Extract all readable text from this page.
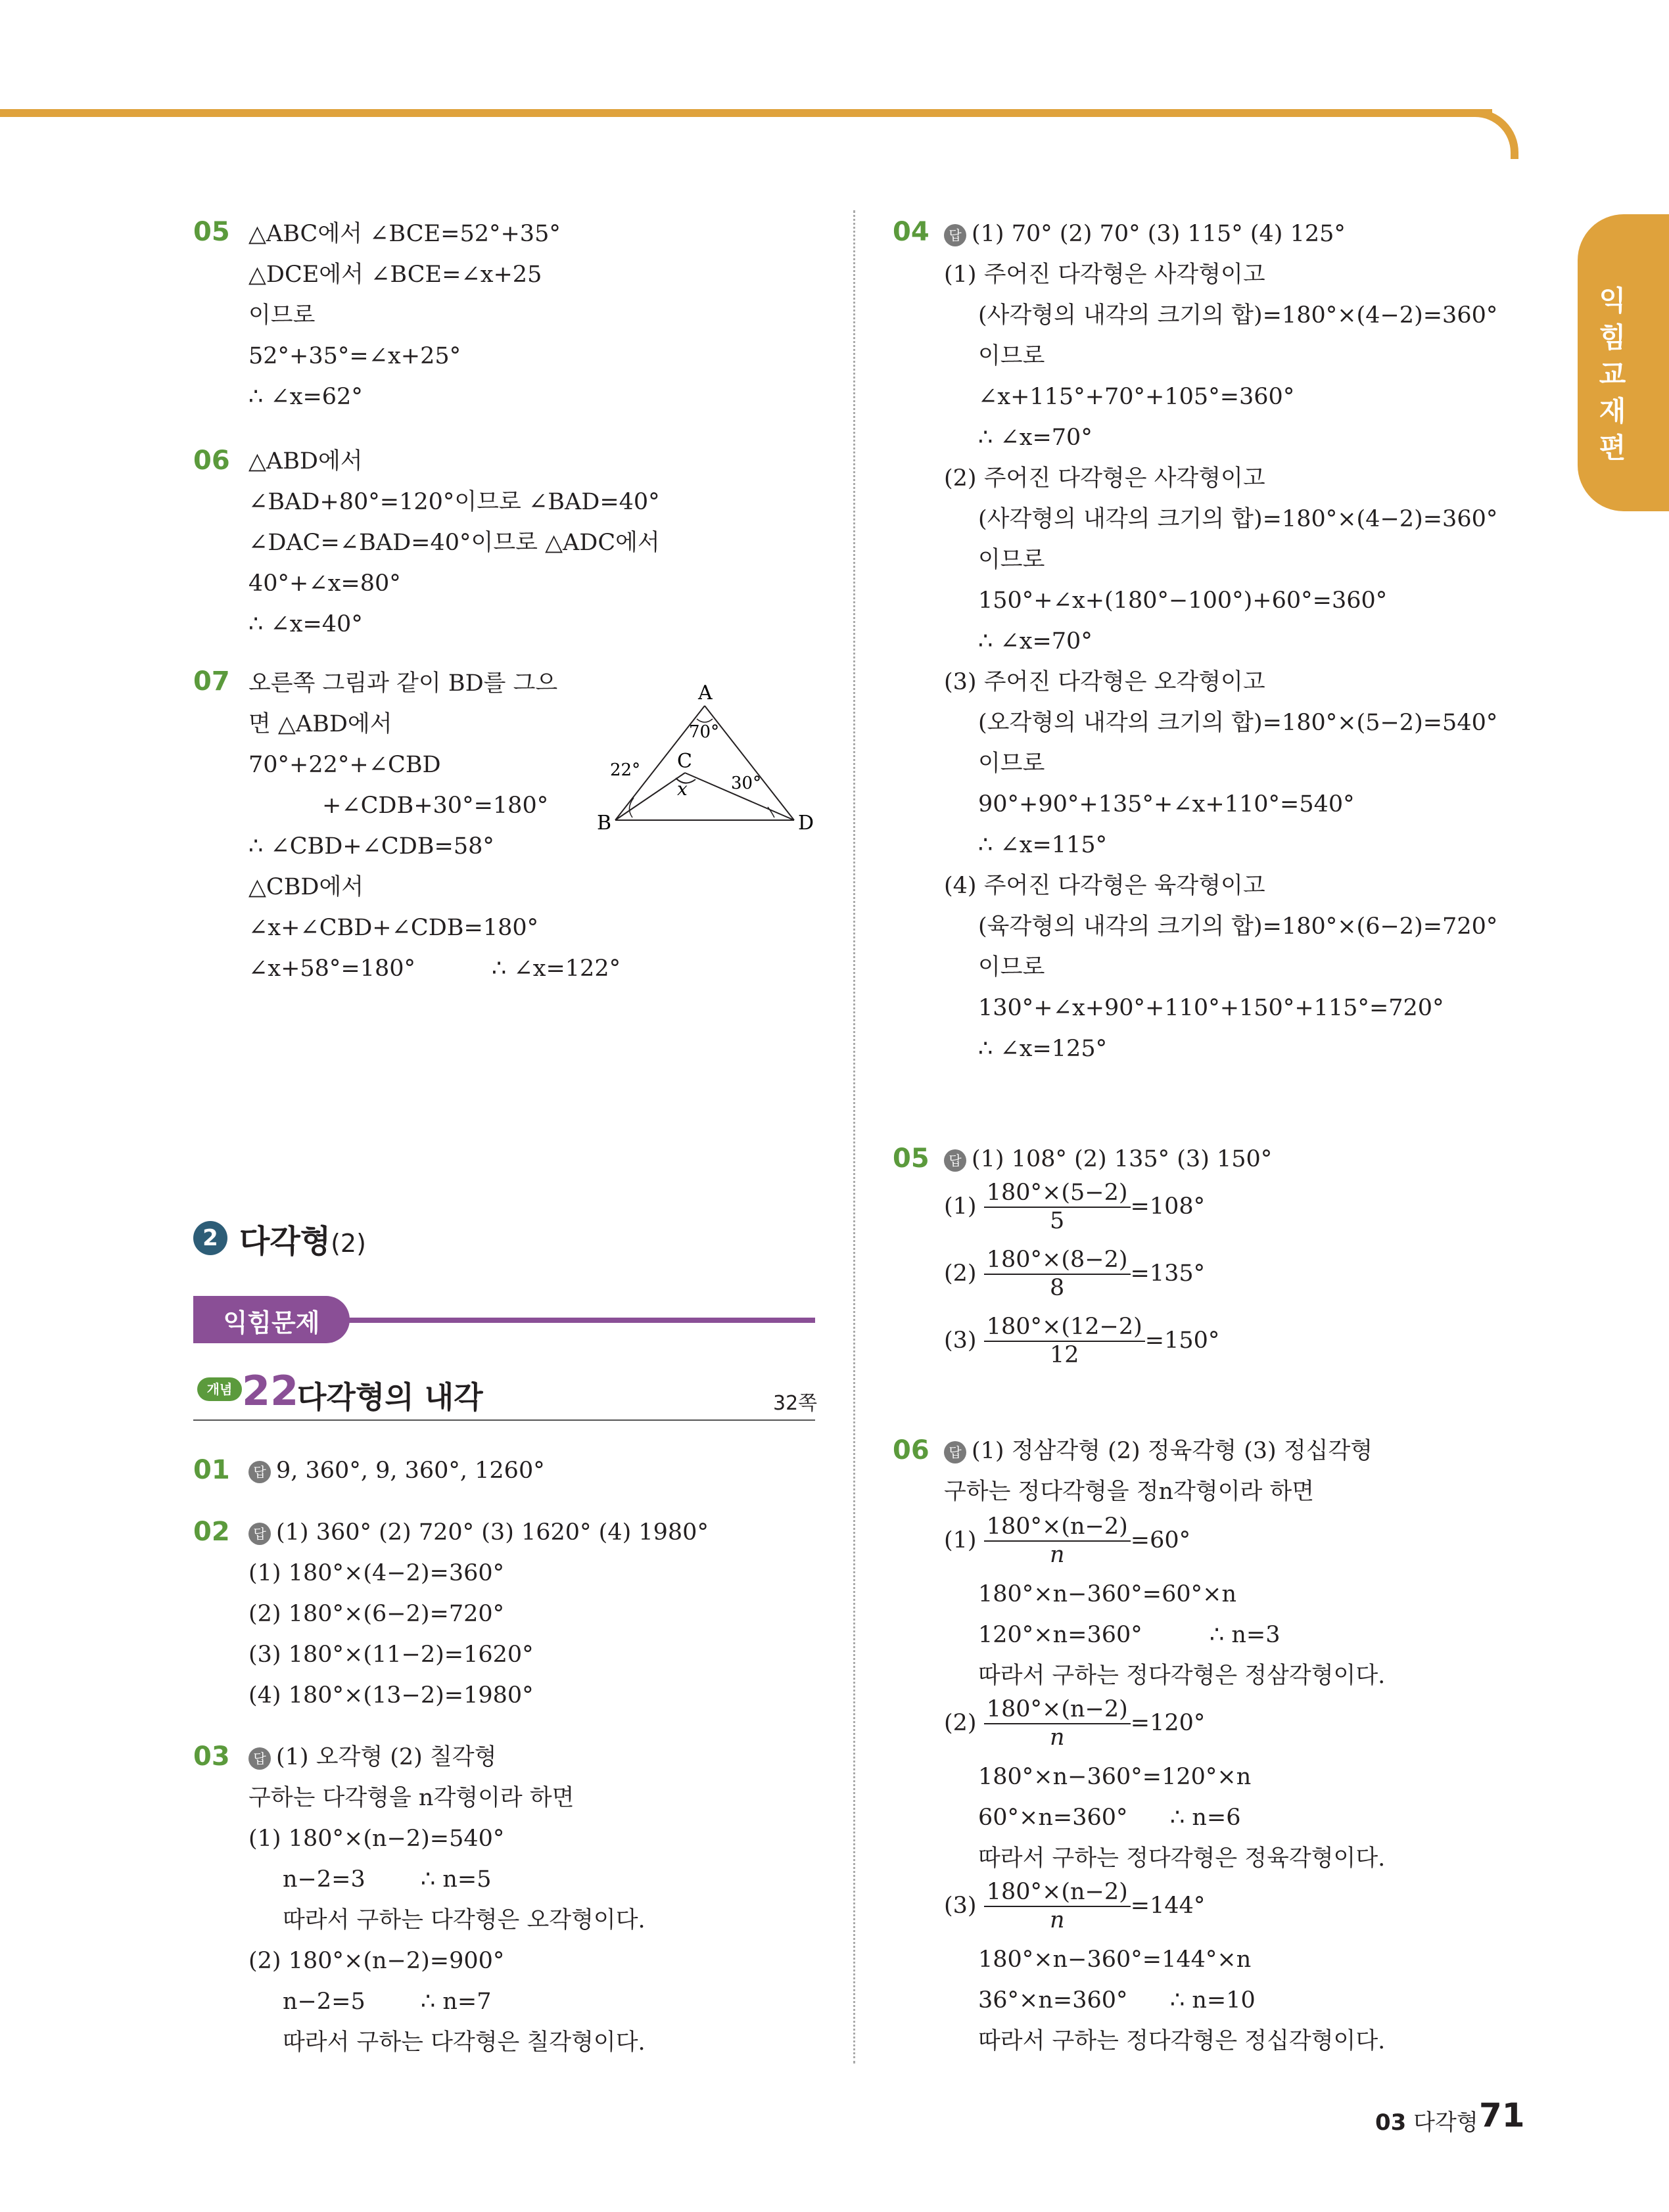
익힘교재편
05 △ABC에서 ∠BCE=52°+35°
△DCE에서 ∠BCE=∠x+25
이므로
52°+35°=∠x+25°
∴ ∠x=62°
06 △ABD에서
∠BAD+80°=120°이므로 ∠BAD=40°
∠DAC=∠BAD=40°이므로 △ADC에서
40°+∠x=80°
∴ ∠x=40°
07 오른쪽 그림과 같이 BD를 그으
면 △ABD에서
70°+22°+∠CBD
+∠CDB+30°=180°
∴ ∠CBD+∠CDB=58°
△CBD에서
∠x+∠CBD+∠CDB=180°
∠x+58°=180°	∴ ∠x=122°
A
B
C
D
70°
22°
30°
x
2 다각형(2)
익힘문제
개념 22
다각형의 내각	32쪽
01	답 9, 360°, 9, 360°, 1260°
02	답 (1) 360° (2) 720° (3) 1620° (4) 1980°
(1) 180°×(4−2)=360°
(2) 180°×(6−2)=720°
(3) 180°×(11−2)=1620°
(4) 180°×(13−2)=1980°
03	답 (1) 오각형 (2) 칠각형
구하는 다각형을 n각형이라 하면
(1) 180°×(n−2)=540°
n−2=3 ∴ n=5
따라서 구하는 다각형은 오각형이다.
(2) 180°×(n−2)=900°
n−2=5 ∴ n=7
따라서 구하는 다각형은 칠각형이다.
04	답 (1) 70° (2) 70° (3) 115° (4) 125°
(1) 주어진 다각형은 사각형이고
(사각형의 내각의 크기의 합)=180°×(4−2)=360°
이므로
∠x+115°+70°+105°=360°
∴ ∠x=70°
(2) 주어진 다각형은 사각형이고
(사각형의 내각의 크기의 합)=180°×(4−2)=360°
이므로
150°+∠x+(180°−100°)+60°=360°
∴ ∠x=70°
(3) 주어진 다각형은 오각형이고
(오각형의 내각의 크기의 합)=180°×(5−2)=540°
이므로
90°+90°+135°+∠x+110°=540°
∴ ∠x=115°
(4) 주어진 다각형은 육각형이고
(육각형의 내각의 크기의 합)=180°×(6−2)=720°
이므로
130°+∠x+90°+110°+150°+115°=720°
∴ ∠x=125°
05	답 (1) 108° (2) 135° (3) 150°
$(1) \frac{180^\circ\times(5-2)}{5} =108^\circ$
$(2) \frac{180^\circ\times(8-2)}{8} =135^\circ$
$(3) \frac{180^\circ\times(12-2)}{12} =150^\circ$
06	답 (1) 정삼각형 (2) 정육각형 (3) 정십각형
구하는 정다각형을 정n각형이라 하면
$(1) \frac{180^\circ\times(n-2)}{n} =60^\circ$
180°×n−360°=60°×n
120°×n=360°	∴ n=3
따라서 구하는 정다각형은 정삼각형이다.
$(2) \frac{180^\circ\times(n-2)}{n} =120^\circ$
180°×n−360°=120°×n
60°×n=360° ∴ n=6
따라서 구하는 정다각형은 정육각형이다.
$(3) \frac{180^\circ\times(n-2)}{n} =144^\circ$
180°×n−360°=144°×n
36°×n=360° ∴ n=10
따라서 구하는 정다각형은 정십각형이다.
03 다각형 71
